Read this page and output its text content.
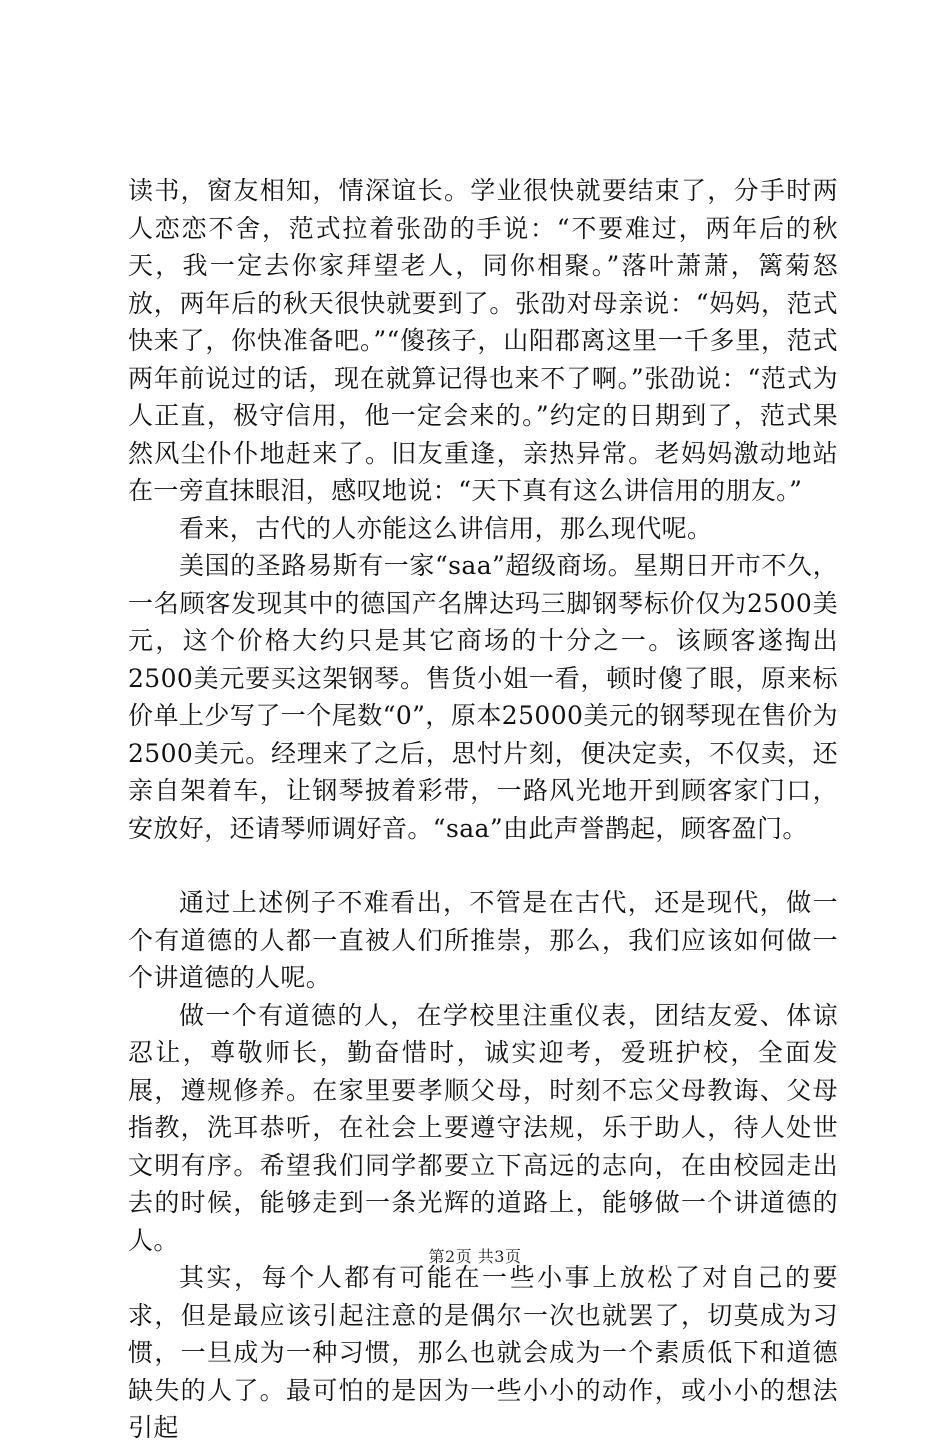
读书，窗友相知，情深谊长。学业很快就要结束了，分手时两人恋恋不舍，范式拉着张劭的手说：“不要难过，两年后的秋天，我一定去你家拜望老人，同你相聚。”落叶萧萧，篱菊怒放，两年后的秋天很快就要到了。张劭对母亲说：“妈妈，范式快来了，你快准备吧。”“傻孩子，山阳郡离这里一千多里，范式两年前说过的话，现在就算记得也来不了啊。”张劭说：“范式为人正直，极守信用，他一定会来的。”约定的日期到了，范式果然风尘仆仆地赶来了。旧友重逢，亲热异常。老妈妈激动地站在一旁直抹眼泪，感叹地说：“天下真有这么讲信用的朋友。”

看来，古代的人亦能这么讲信用，那么现代呢。

美国的圣路易斯有一家“saa”超级商场。星期日开市不久，一名顾客发现其中的德国产名牌达玛三脚钢琴标价仅为2500美元，这个价格大约只是其它商场的十分之一。该顾客遂掏出2500美元要买这架钢琴。售货小姐一看，顿时傻了眼，原来标价单上少写了一个尾数“0”，原本25000美元的钢琴现在售价为2500美元。经理来了之后，思忖片刻，便决定卖，不仅卖，还亲自架着车，让钢琴披着彩带，一路风光地开到顾客家门口，安放好，还请琴师调好音。“saa”由此声誉鹊起，顾客盈门。

通过上述例子不难看出，不管是在古代，还是现代，做一个有道德的人都一直被人们所推崇，那么，我们应该如何做一个讲道德的人呢。

做一个有道德的人，在学校里注重仪表，团结友爱、体谅忍让，尊敬师长，勤奋惜时，诚实迎考，爱班护校，全面发展，遵规修养。在家里要孝顺父母，时刻不忘父母教诲、父母指教，洗耳恭听，在社会上要遵守法规，乐于助人，待人处世文明有序。希望我们同学都要立下高远的志向，在由校园走出去的时候，能够走到一条光辉的道路上，能够做一个讲道德的人。

其实，每个人都有可能在一些小事上放松了对自己的要求，但是最应该引起注意的是偶尔一次也就罢了，切莫成为习惯，一旦成为一种习惯，那么也就会成为一个素质低下和道德缺失的人了。最可怕的是因为一些小小的动作，或小小的想法引起

第2页 共3页
